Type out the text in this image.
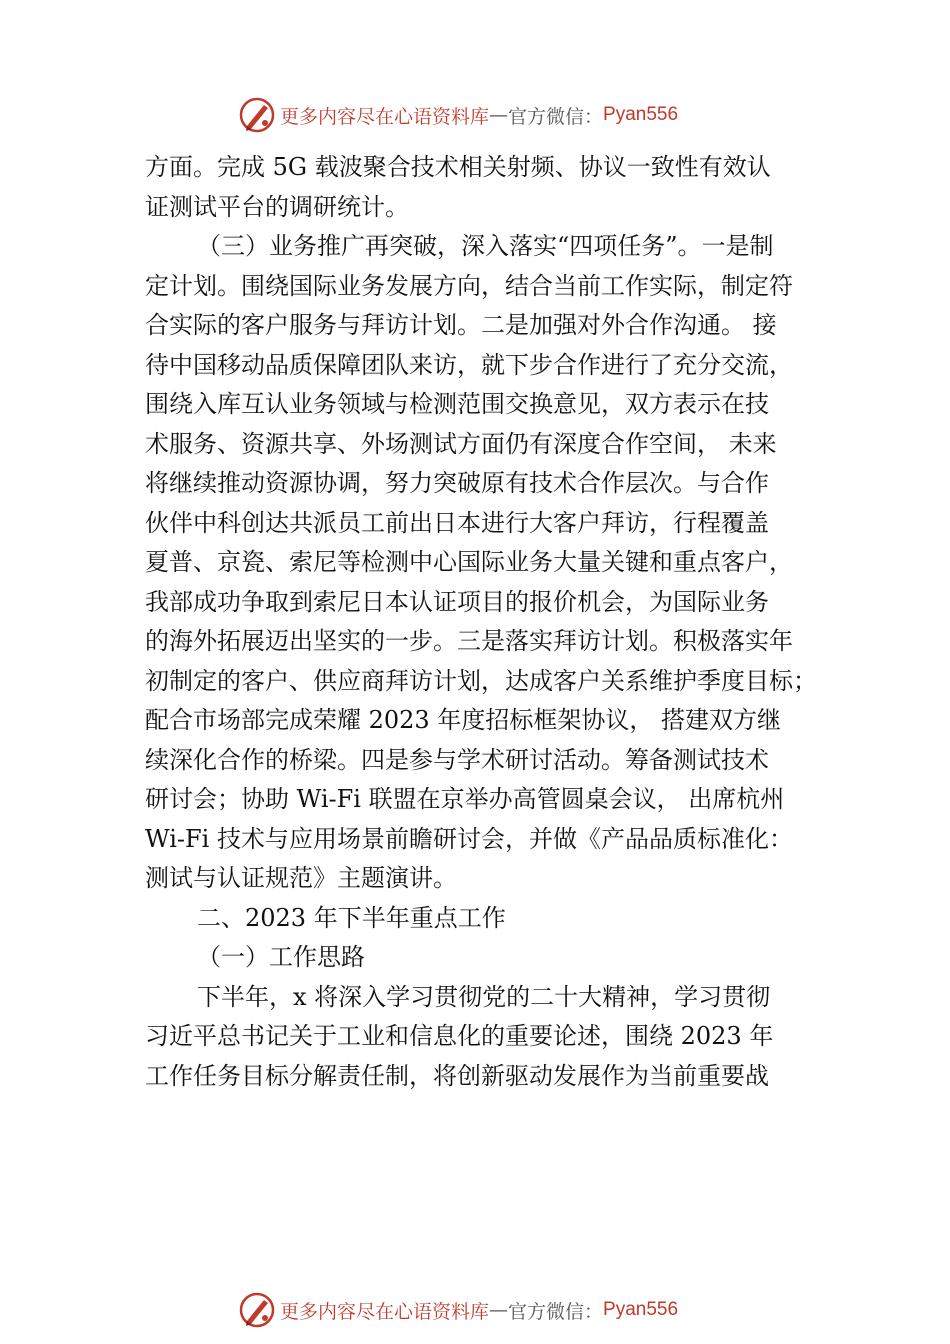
更多内容尽在心语资料库 — 官方微信： Pyan556
方面。完成 5G 载波聚合技术相关射频、协议一致性有效认
证测试平台的调研统计。
（三）业务推广再突破，深入落实“四项任务”。一是制
定计划。围绕国际业务发展方向，结合当前工作实际，制定符
合实际的客户服务与拜访计划。二是加强对外合作沟通。 接
待中国移动品质保障团队来访，就下步合作进行了充分交流，
围绕入库互认业务领域与检测范围交换意见，双方表示在技
术服务、资源共享、外场测试方面仍有深度合作空间， 未来
将继续推动资源协调，努力突破原有技术合作层次。与合作
伙伴中科创达共派员工前出日本进行大客户拜访，行程覆盖
夏普、京瓷、索尼等检测中心国际业务大量关键和重点客户，
我部成功争取到索尼日本认证项目的报价机会，为国际业务
的海外拓展迈出坚实的一步。三是落实拜访计划。积极落实年
初制定的客户、供应商拜访计划，达成客户关系维护季度目标；
配合市场部完成荣耀 2023 年度招标框架协议， 搭建双方继
续深化合作的桥梁。四是参与学术研讨活动。筹备测试技术
研讨会；协助 Wi-Fi 联盟在京举办高管圆桌会议， 出席杭州
Wi-Fi 技术与应用场景前瞻研讨会，并做《产品品质标准化：
测试与认证规范》主题演讲。
二、2023 年下半年重点工作
（一）工作思路
下半年，x 将深入学习贯彻党的二十大精神，学习贯彻
习近平总书记关于工业和信息化的重要论述，围绕 2023 年
工作任务目标分解责任制，将创新驱动发展作为当前重要战
更多内容尽在心语资料库 — 官方微信： Pyan556
